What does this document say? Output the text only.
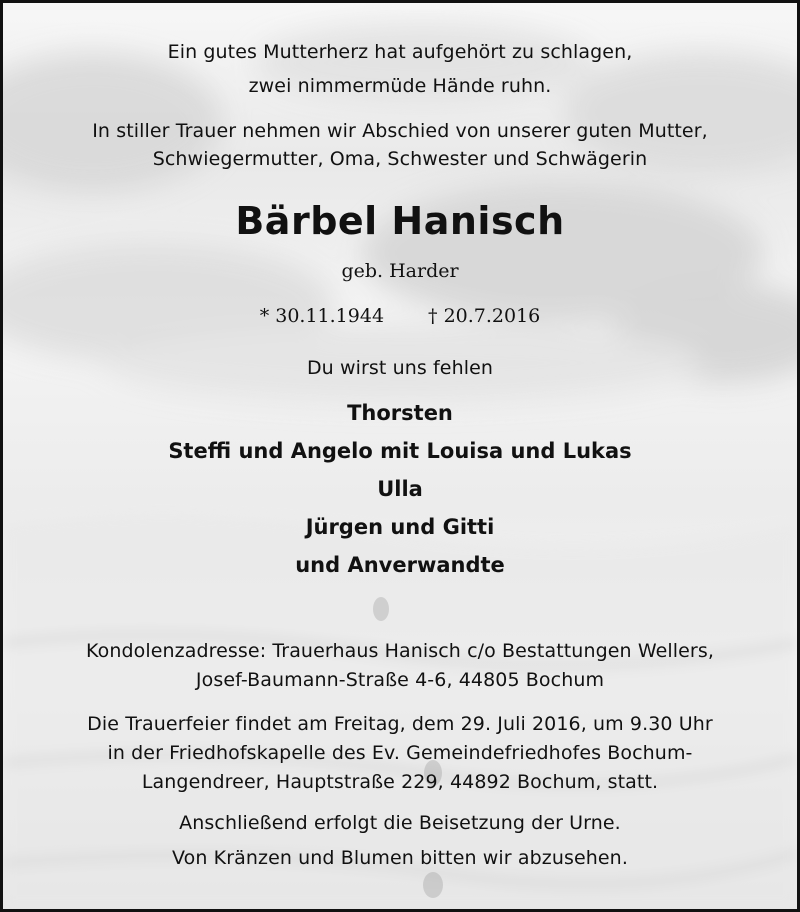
Ein gutes Mutterherz hat aufgehört zu schlagen,
zwei nimmermüde Hände ruhn.
In stiller Trauer nehmen wir Abschied von unserer guten Mutter,
Schwiegermutter, Oma, Schwester und Schwägerin
Bärbel Hanisch
geb. Harder
* 30.11.1944 † 20.7.2016
Du wirst uns fehlen
Thorsten
Steffi und Angelo mit Louisa und Lukas
Ulla
Jürgen und Gitti
und Anverwandte
Kondolenzadresse: Trauerhaus Hanisch c/o Bestattungen Wellers,
Josef-Baumann-Straße 4-6, 44805 Bochum
Die Trauerfeier findet am Freitag, dem 29. Juli 2016, um 9.30 Uhr
in der Friedhofskapelle des Ev. Gemeindefriedhofes Bochum-
Langendreer, Hauptstraße 229, 44892 Bochum, statt.
Anschließend erfolgt die Beisetzung der Urne.
Von Kränzen und Blumen bitten wir abzusehen.
